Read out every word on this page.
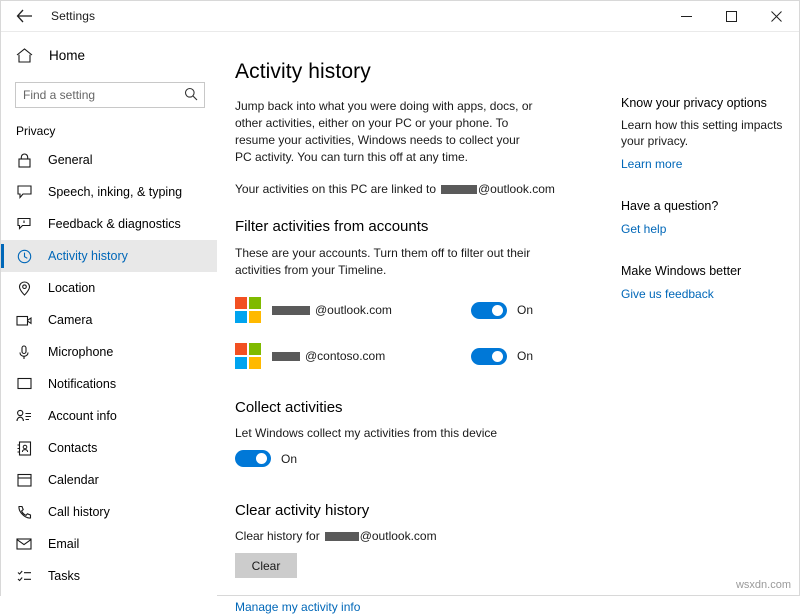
Settings
Home
Find a setting
Privacy
General
Speech, inking, & typing
Feedback & diagnostics
Activity history
Location
Camera
Microphone
Notifications
Account info
Contacts
Calendar
Call history
Email
Tasks
Activity history
Jump back into what you were doing with apps, docs, or other activities, either on your PC or your phone. To resume your activities, Windows needs to collect your PC activity. You can turn this off at any time.
Your activities on this PC are linked to	@outlook.com
Filter activities from accounts
These are your accounts. Turn them off to filter out their activities from your Timeline.
@outlook.com	On
@contoso.com	On
Collect activities
Let Windows collect my activities from this device
On
Clear activity history
Clear history for	@outlook.com
Clear
Manage my activity info
Know your privacy options

Learn how this setting impacts your privacy.

Learn more
Have a question?
Get help
Make Windows better
Give us feedback
wsxdn.com
